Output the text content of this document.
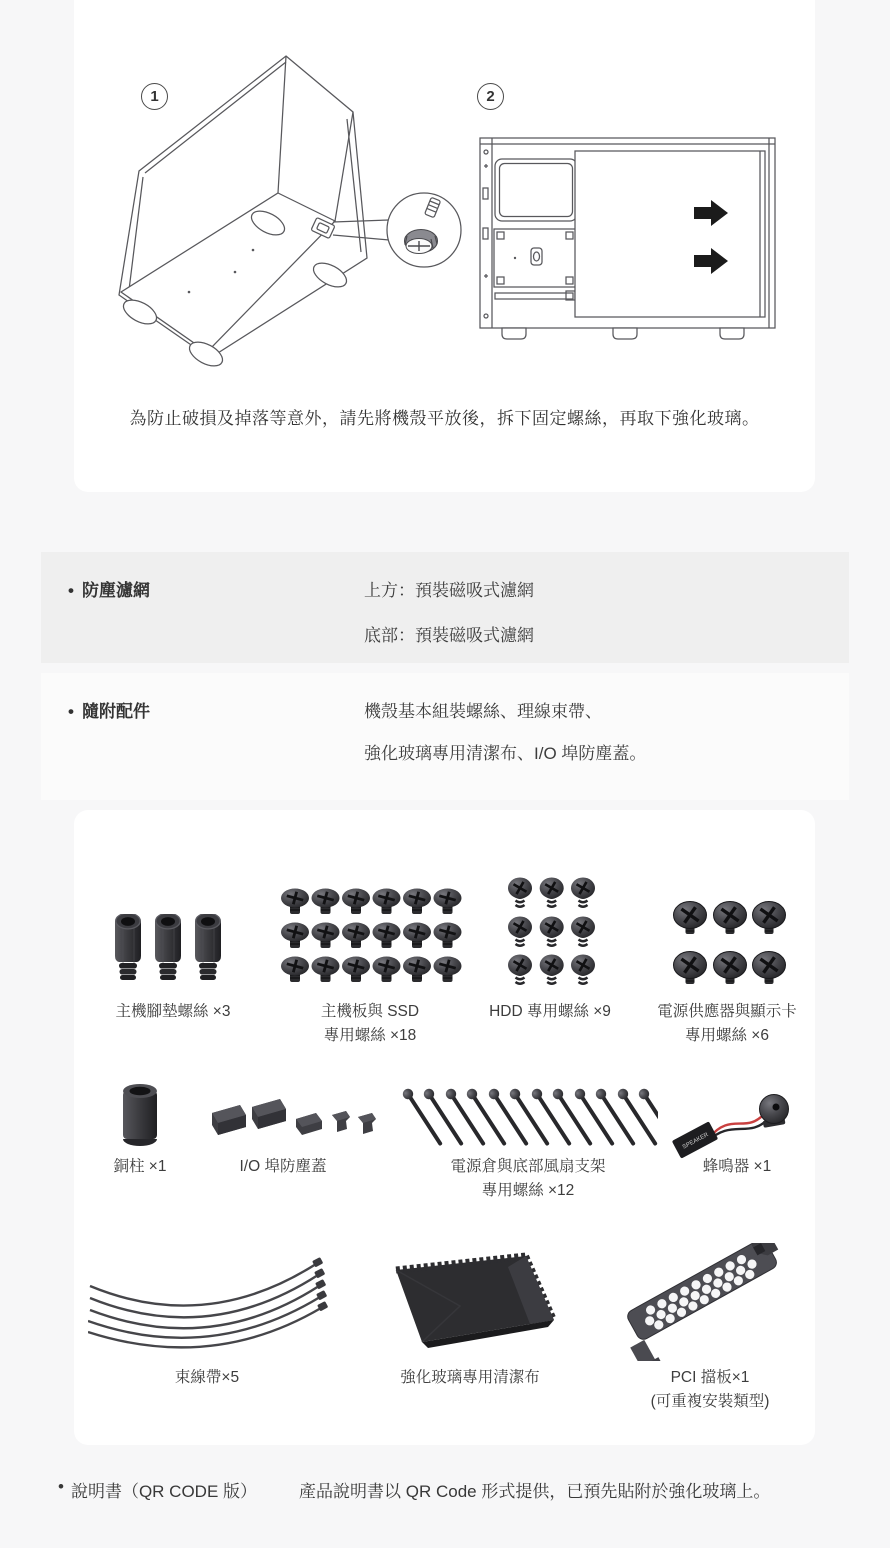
1	2
為防止破損及掉落等意外，請先將機殼平放後，拆下固定螺絲，再取下強化玻璃。
• 防塵濾網	上方：預裝磁吸式濾網
底部：預裝磁吸式濾網
• 隨附配件	機殼基本組裝螺絲、理線束帶、
強化玻璃專用清潔布、I/O 埠防塵蓋。
主機腳墊螺絲 ×3	主機板與 SSD
專用螺絲 ×18
HDD 專用螺絲 ×9	電源供應器與顯示卡
專用螺絲 ×6
銅柱 ×1	I/O 埠防塵蓋	電源倉與底部風扇支架
專用螺絲 ×12
SPEAKER
蜂鳴器 ×1
束線帶×5	強化玻璃專用清潔布	PCI 擋板×1
(可重複安裝類型)
• 說明書（QR CODE 版） 產品說明書以 QR Code 形式提供，已預先貼附於強化玻璃上。
